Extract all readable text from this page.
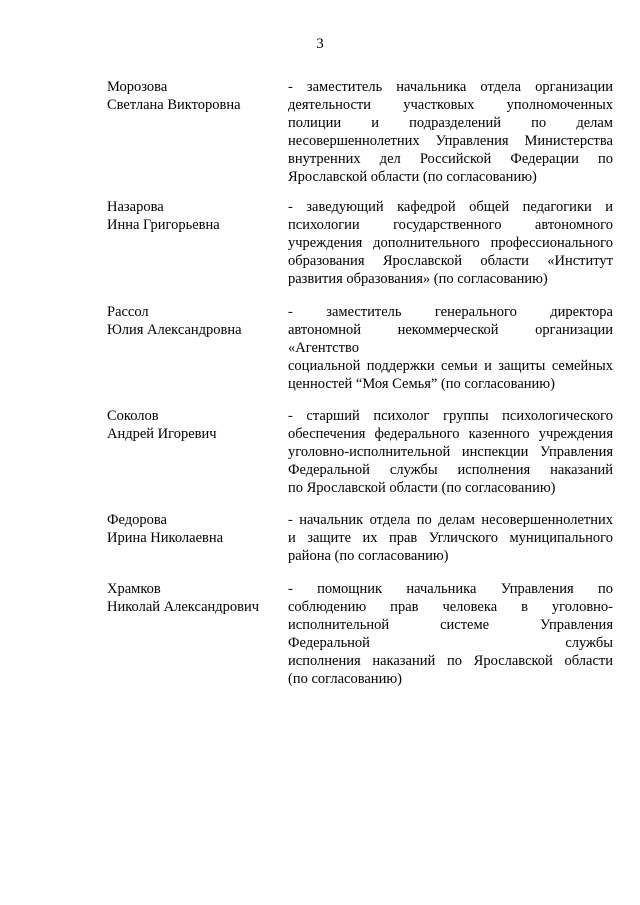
3
Морозова
Светлана Викторовна
- заместитель начальника отдела организации
деятельности участковых уполномоченных
полиции и подразделений по делам
несовершеннолетних Управления Министерства
внутренних дел Российской Федерации по
Ярославской области (по согласованию)
Назарова
Инна Григорьевна
- заведующий кафедрой общей педагогики и
психологии государственного автономного
учреждения дополнительного профессионального
образования Ярославской области «Институт
развития образования» (по согласованию)
Рассол
Юлия Александровна
- заместитель генерального директора
автономной некоммерческой организации
«Агентство
социальной поддержки семьи и защиты семейных
ценностей “Моя Семья” (по согласованию)
Соколов
Андрей Игоревич
- старший психолог группы психологического
обеспечения федерального казенного учреждения
уголовно-исполнительной инспекции Управления
Федеральной службы исполнения наказаний
по Ярославской области (по согласованию)
Федорова
Ирина Николаевна
- начальник отдела по делам несовершеннолетних
и защите их прав Угличского муниципального
района (по согласованию)
Храмков
Николай Александрович
- помощник начальника Управления по
соблюдению прав человека в уголовно-
исполнительной системе Управления
Федеральной службы
исполнения наказаний по Ярославской области
(по согласованию)
